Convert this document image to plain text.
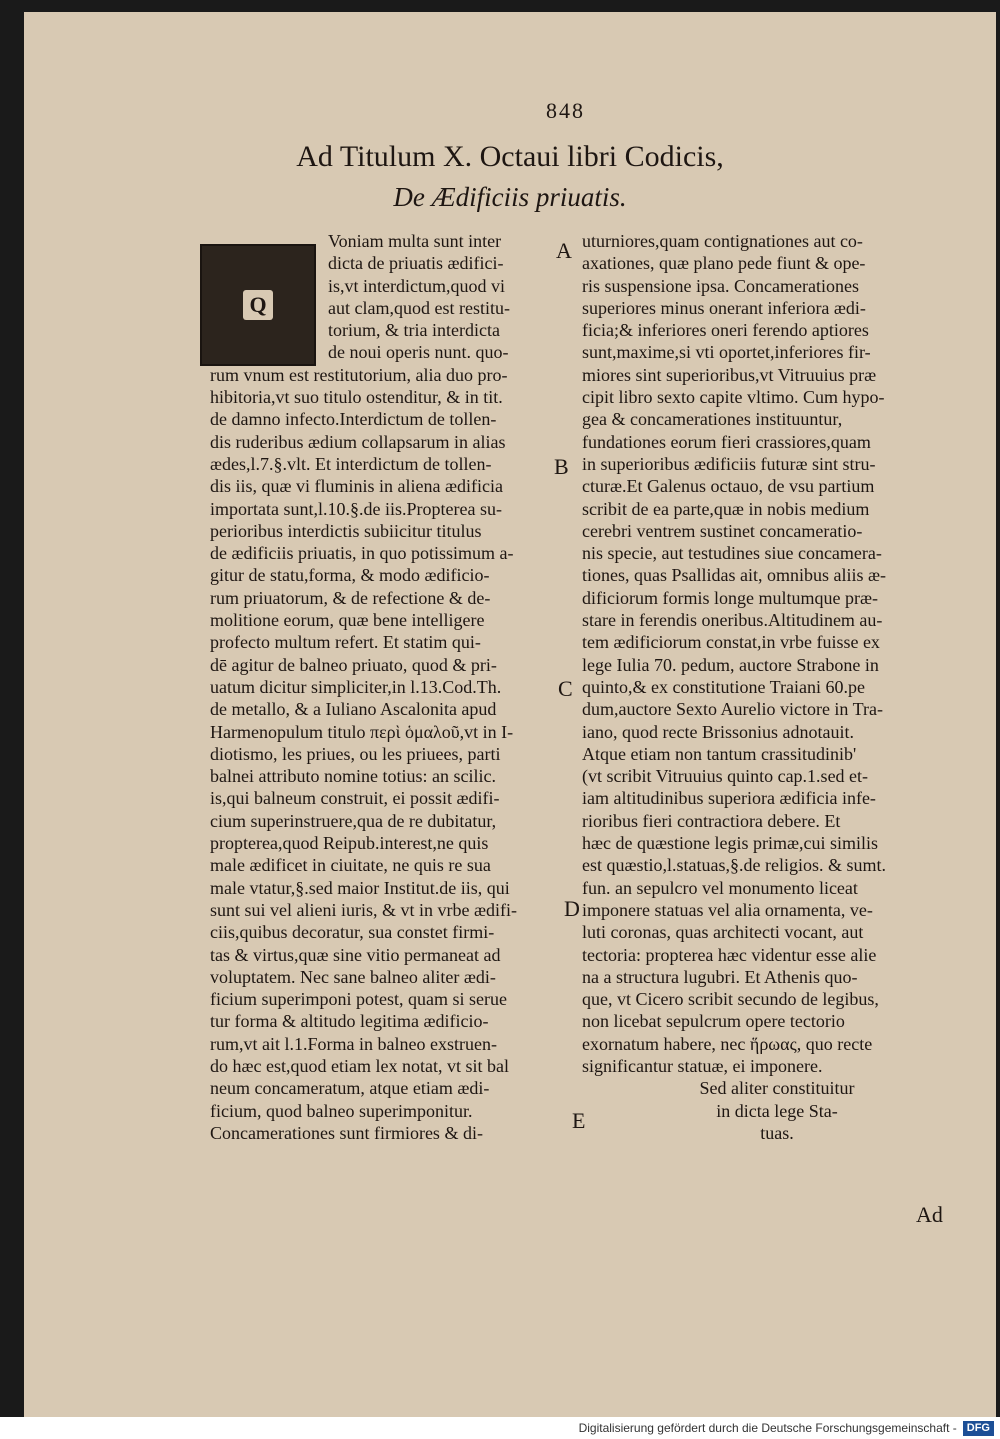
848
Ad Titulum X. Octaui libri Codicis,
De Ædificiis priuatis.
Q
Voniam multa sunt inter
dicta de priuatis ædifici-
is,vt interdictum,quod vi
aut clam,quod est restitu-
torium, & tria interdicta
de noui operis nunt. quo-
rum vnum est restitutorium, alia duo pro-
hibitoria,vt suo titulo ostenditur, & in tit.
de damno infecto.Interdictum de tollen-
dis ruderibus ædium collapsarum in alias
ædes,l.7.§.vlt. Et interdictum de tollen-
dis iis, quæ vi fluminis in aliena ædificia
importata sunt,l.10.§.de iis.Propterea su-
perioribus interdictis subiicitur titulus
de ædificiis priuatis, in quo potissimum a-
gitur de statu,forma, & modo ædificio-
rum priuatorum, & de refectione & de-
molitione eorum, quæ bene intelligere
profecto multum refert. Et statim qui-
dē agitur de balneo priuato, quod & pri-
uatum dicitur simpliciter,in l.13.Cod.Th.
de metallo, & a Iuliano Ascalonita apud
Harmenopulum titulo περὶ ὁμαλοῦ,vt in I-
diotismo, les priues, ou les priuees, parti
balnei attributo nomine totius: an scilic.
is,qui balneum construit, ei possit ædifi-
cium superinstruere,qua de re dubitatur,
propterea,quod Reipub.interest,ne quis
male ædificet in ciuitate, ne quis re sua
male vtatur,§.sed maior Institut.de iis, qui
sunt sui vel alieni iuris, & vt in vrbe ædifi-
ciis,quibus decoratur, sua constet firmi-
tas & virtus,quæ sine vitio permaneat ad
voluptatem. Nec sane balneo aliter ædi-
ficium superimponi potest, quam si serue
tur forma & altitudo legitima ædificio-
rum,vt ait l.1.Forma in balneo exstruen-
do hæc est,quod etiam lex notat, vt sit bal
neum concameratum, atque etiam ædi-
ficium, quod balneo superimponitur.
Concamerationes sunt firmiores & di-
uturniores,quam contignationes aut co-
axationes, quæ plano pede fiunt & ope-
ris suspensione ipsa. Concamerationes
superiores minus onerant inferiora ædi-
ficia;& inferiores oneri ferendo aptiores
sunt,maxime,si vti oportet,inferiores fir-
miores sint superioribus,vt Vitruuius præ
cipit libro sexto capite vltimo. Cum hypo-
gea & concamerationes instituuntur,
fundationes eorum fieri crassiores,quam
in superioribus ædificiis futuræ sint stru-
cturæ.Et Galenus octauo, de vsu partium
scribit de ea parte,quæ in nobis medium
cerebri ventrem sustinet concameratio-
nis specie, aut testudines siue concamera-
tiones, quas Psallidas ait, omnibus aliis æ-
dificiorum formis longe multumque præ-
stare in ferendis oneribus.Altitudinem au-
tem ædificiorum constat,in vrbe fuisse ex
lege Iulia 70. pedum, auctore Strabone in
quinto,& ex constitutione Traiani 60.pe
dum,auctore Sexto Aurelio victore in Tra-
iano, quod recte Brissonius adnotauit.
Atque etiam non tantum crassitudinib'
(vt scribit Vitruuius quinto cap.1.sed et-
iam altitudinibus superiora ædificia infe-
rioribus fieri contractiora debere. Et
hæc de quæstione legis primæ,cui similis
est quæstio,l.statuas,§.de religios. & sumt.
fun. an sepulcro vel monumento liceat
imponere statuas vel alia ornamenta, ve-
luti coronas, quas architecti vocant, aut
tectoria: propterea hæc videntur esse alie
na a structura lugubri. Et Athenis quo-
que, vt Cicero scribit secundo de legibus,
non licebat sepulcrum opere tectorio
exornatum habere, nec ἥρωας, quo recte
significantur statuæ, ei imponere.
Sed aliter constituitur
in dicta lege Sta-
tuas.
A
B
C
D
E
Ad
Digitalisierung gefördert durch die Deutsche Forschungsgemeinschaft - DFG
